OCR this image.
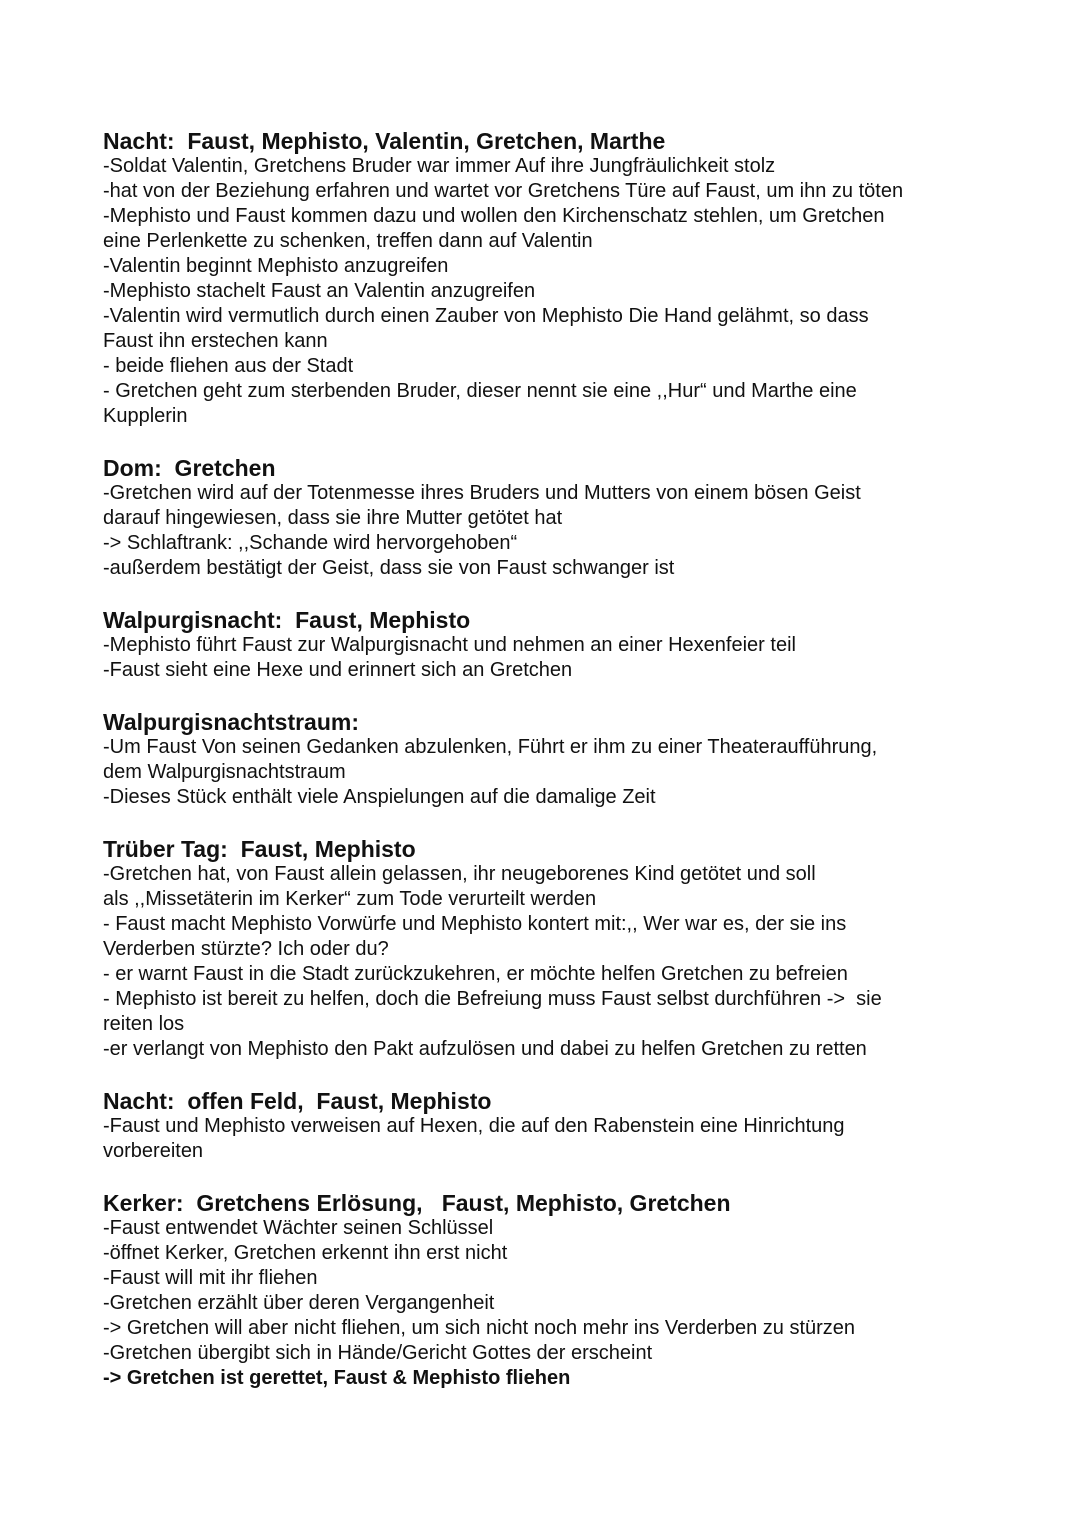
Nacht:  Faust, Mephisto, Valentin, Gretchen, Marthe
-Soldat Valentin, Gretchens Bruder war immer Auf ihre Jungfräulichkeit stolz
-hat von der Beziehung erfahren und wartet vor Gretchens Türe auf Faust, um ihn zu töten
-Mephisto und Faust kommen dazu und wollen den Kirchenschatz stehlen, um Gretchen
eine Perlenkette zu schenken, treffen dann auf Valentin
-Valentin beginnt Mephisto anzugreifen
-Mephisto stachelt Faust an Valentin anzugreifen
-Valentin wird vermutlich durch einen Zauber von Mephisto Die Hand gelähmt, so dass
Faust ihn erstechen kann
- beide fliehen aus der Stadt
- Gretchen geht zum sterbenden Bruder, dieser nennt sie eine ,,Hur“ und Marthe eine
Kupplerin
Dom:  Gretchen
-Gretchen wird auf der Totenmesse ihres Bruders und Mutters von einem bösen Geist
darauf hingewiesen, dass sie ihre Mutter getötet hat
-> Schlaftrank: ,,Schande wird hervorgehoben“
-außerdem bestätigt der Geist, dass sie von Faust schwanger ist
Walpurgisnacht:  Faust, Mephisto
-Mephisto führt Faust zur Walpurgisnacht und nehmen an einer Hexenfeier teil
-Faust sieht eine Hexe und erinnert sich an Gretchen
Walpurgisnachtstraum:
-Um Faust Von seinen Gedanken abzulenken, Führt er ihm zu einer Theateraufführung,
dem Walpurgisnachtstraum
-Dieses Stück enthält viele Anspielungen auf die damalige Zeit
Trüber Tag:  Faust, Mephisto
-Gretchen hat, von Faust allein gelassen, ihr neugeborenes Kind getötet und soll
als ,,Missetäterin im Kerker“ zum Tode verurteilt werden
- Faust macht Mephisto Vorwürfe und Mephisto kontert mit:,, Wer war es, der sie ins
Verderben stürzte? Ich oder du?
- er warnt Faust in die Stadt zurückzukehren, er möchte helfen Gretchen zu befreien
- Mephisto ist bereit zu helfen, doch die Befreiung muss Faust selbst durchführen ->  sie
reiten los
-er verlangt von Mephisto den Pakt aufzulösen und dabei zu helfen Gretchen zu retten
Nacht:  offen Feld,  Faust, Mephisto
-Faust und Mephisto verweisen auf Hexen, die auf den Rabenstein eine Hinrichtung
vorbereiten
Kerker:  Gretchens Erlösung,   Faust, Mephisto, Gretchen
-Faust entwendet Wächter seinen Schlüssel
-öffnet Kerker, Gretchen erkennt ihn erst nicht
-Faust will mit ihr fliehen
-Gretchen erzählt über deren Vergangenheit
-> Gretchen will aber nicht fliehen, um sich nicht noch mehr ins Verderben zu stürzen
-Gretchen übergibt sich in Hände/Gericht Gottes der erscheint
-> Gretchen ist gerettet, Faust & Mephisto fliehen
